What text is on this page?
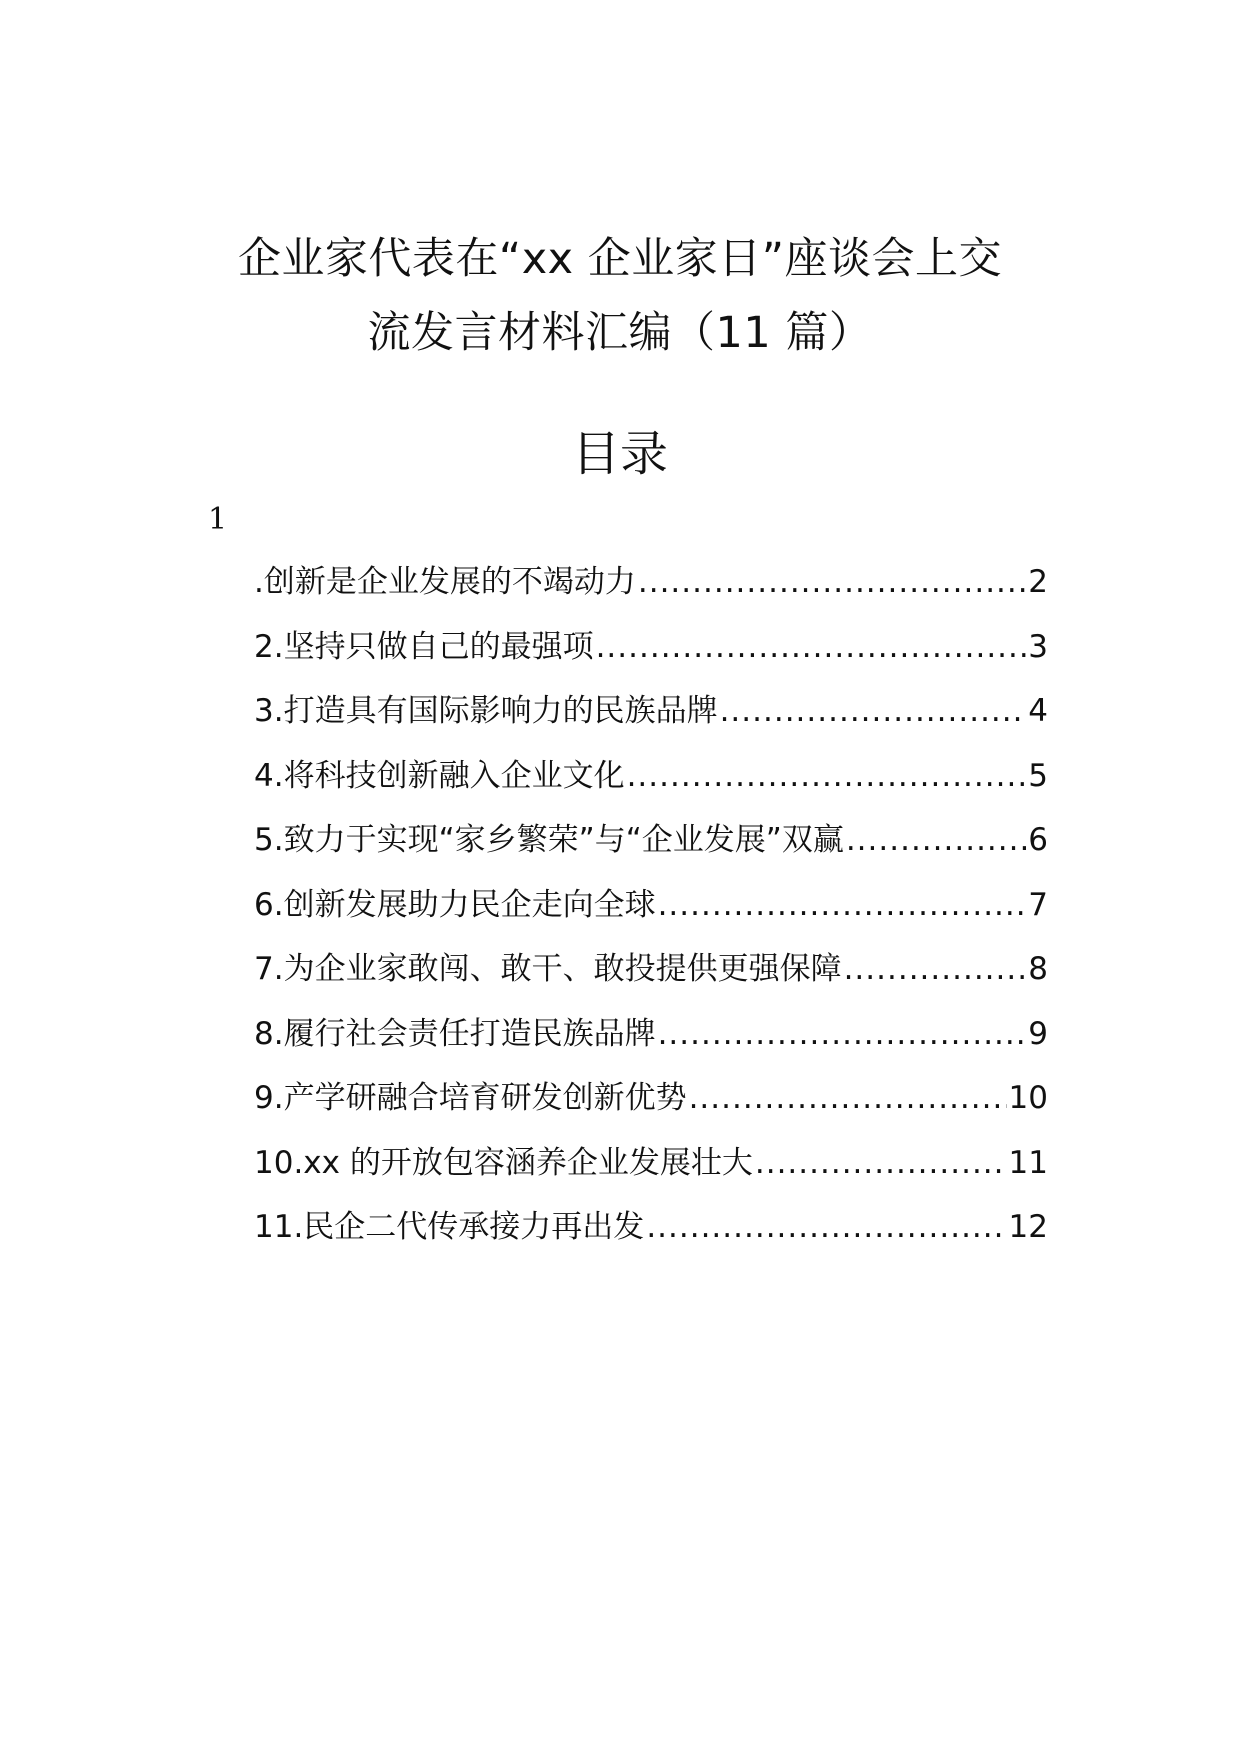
企业家代表在“xx 企业家日”座谈会上交
流发言材料汇编（11 篇）
目录
1
.创新是企业发展的不竭动力 .....	2
2.坚持只做自己的最强项 .....	3
3.打造具有国际影响力的民族品牌 .....	4
4.将科技创新融入企业文化 .....	5
5.致力于实现“家乡繁荣”与“企业发展”双赢 .....	6
6.创新发展助力民企走向全球 .....	7
7.为企业家敢闯、敢干、敢投提供更强保障 .....	8
8.履行社会责任打造民族品牌 .....	9
9.产学研融合培育研发创新优势 .....	10
10.xx 的开放包容涵养企业发展壮大 .....	11
11.民企二代传承接力再出发 .....	12
